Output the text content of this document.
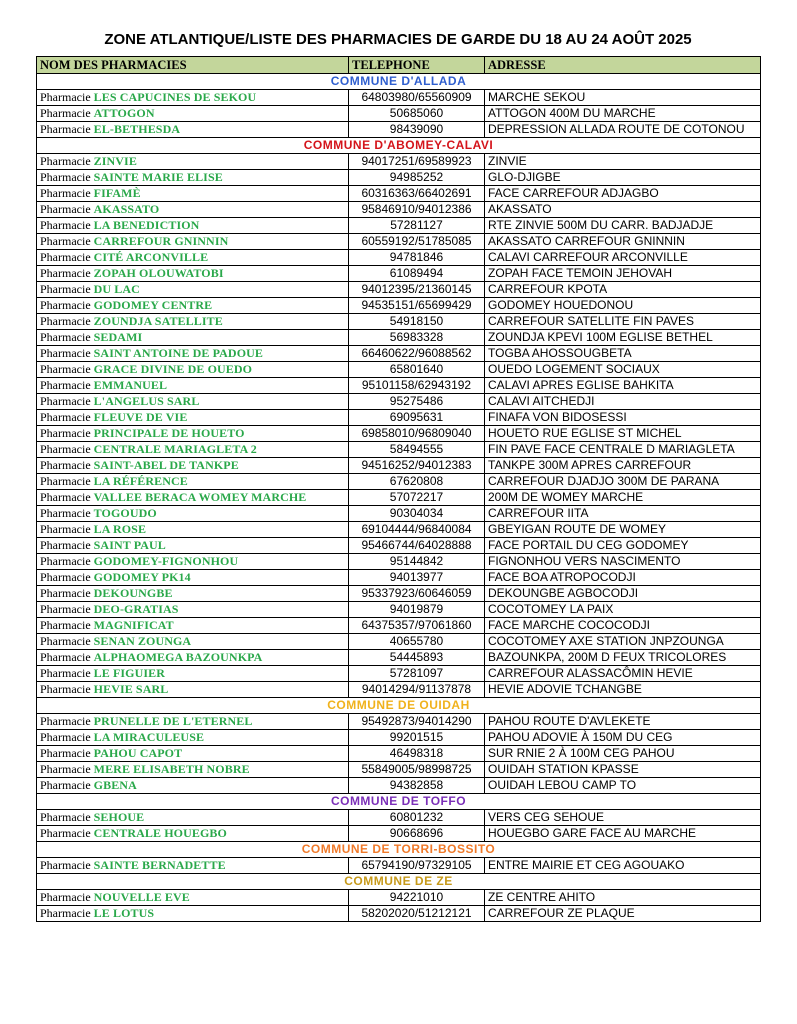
ZONE ATLANTIQUE/LISTE DES PHARMACIES DE GARDE DU 18 AU 24 AOÛT 2025
NOM DES PHARMACIES	TELEPHONE	ADRESSE
COMMUNE D'ALLADA		
Pharmacie LES CAPUCINES DE SEKOU	64803980/65560909	MARCHE SEKOU
Pharmacie ATTOGON	50685060	ATTOGON 400M DU MARCHE
Pharmacie EL-BETHESDA	98439090	DEPRESSION ALLADA ROUTE DE COTONOU
COMMUNE D'ABOMEY-CALAVI		
Pharmacie ZINVIE	94017251/69589923	ZINVIE
Pharmacie SAINTE MARIE ELISE	94985252	GLO-DJIGBE
Pharmacie FIFAMÈ	60316363/66402691	FACE CARREFOUR ADJAGBO
Pharmacie AKASSATO	95846910/94012386	AKASSATO
Pharmacie LA BENEDICTION	57281127	RTE ZINVIE 500M DU CARR. BADJADJE
Pharmacie CARREFOUR GNINNIN	60559192/51785085	AKASSATO CARREFOUR GNINNIN
Pharmacie CITÉ ARCONVILLE	94781846	CALAVI CARREFOUR ARCONVILLE
Pharmacie ZOPAH OLOUWATOBI	61089494	ZOPAH FACE TEMOIN JEHOVAH
Pharmacie DU LAC	94012395/21360145	CARREFOUR KPOTA
Pharmacie GODOMEY CENTRE	94535151/65699429	GODOMEY HOUEDONOU
Pharmacie ZOUNDJA SATELLITE	54918150	CARREFOUR SATELLITE FIN PAVES
Pharmacie SEDAMI	56983328	ZOUNDJA KPEVI 100M EGLISE BETHEL
Pharmacie SAINT ANTOINE DE PADOUE	66460622/96088562	TOGBA AHOSSOUGBETA
Pharmacie GRACE DIVINE DE OUEDO	65801640	OUEDO LOGEMENT SOCIAUX
Pharmacie EMMANUEL	95101158/62943192	CALAVI APRES EGLISE BAHKITA
Pharmacie L'ANGELUS SARL	95275486	CALAVI AITCHEDJI
Pharmacie FLEUVE DE VIE	69095631	FINAFA VON BIDOSESSI
Pharmacie PRINCIPALE DE HOUETO	69858010/96809040	HOUETO RUE EGLISE ST MICHEL
Pharmacie CENTRALE MARIAGLETA 2	58494555	FIN PAVE FACE CENTRALE D MARIAGLETA
Pharmacie SAINT-ABEL DE TANKPE	94516252/94012383	TANKPE 300M APRES CARREFOUR
Pharmacie LA RÉFÉRENCE	67620808	CARREFOUR DJADJO 300M DE PARANA
Pharmacie VALLEE BERACA WOMEY MARCHE	57072217	200M DE WOMEY MARCHE
Pharmacie TOGOUDO	90304034	CARREFOUR IITA
Pharmacie LA ROSE	69104444/96840084	GBEYIGAN ROUTE DE WOMEY
Pharmacie SAINT PAUL	95466744/64028888	FACE PORTAIL DU CEG GODOMEY
Pharmacie GODOMEY-FIGNONHOU	95144842	FIGNONHOU VERS NASCIMENTO
Pharmacie GODOMEY PK14	94013977	FACE BOA ATROPOCODJI
Pharmacie DEKOUNGBE	95337923/60646059	DEKOUNGBE AGBOCODJI
Pharmacie DEO-GRATIAS	94019879	COCOTOMEY LA PAIX
Pharmacie MAGNIFICAT	64375357/97061860	FACE MARCHE COCOCODJI
Pharmacie SENAN ZOUNGA	40655780	COCOTOMEY AXE STATION JNPZOUNGA
Pharmacie ALPHAOMEGA BAZOUNKPA	54445893	BAZOUNKPA, 200M D FEUX TRICOLORES
Pharmacie LE FIGUIER	57281097	CARREFOUR ALASSACÔMIN HEVIE
Pharmacie HEVIE SARL	94014294/91137878	HEVIE ADOVIE TCHANGBE
COMMUNE DE OUIDAH		
Pharmacie PRUNELLE DE L'ETERNEL	95492873/94014290	PAHOU ROUTE D'AVLEKETE
Pharmacie LA MIRACULEUSE	99201515	PAHOU ADOVIE À 150M DU CEG
Pharmacie PAHOU CAPOT	46498318	SUR RNIE 2 À 100M CEG PAHOU
Pharmacie MERE ELISABETH NOBRE	55849005/98998725	OUIDAH STATION KPASSE
Pharmacie GBENA	94382858	OUIDAH LEBOU CAMP TO
COMMUNE DE TOFFO		
Pharmacie SEHOUE	60801232	VERS CEG SEHOUE
Pharmacie CENTRALE HOUEGBO	90668696	HOUEGBO GARE FACE AU MARCHE
COMMUNE DE TORRI-BOSSITO		
Pharmacie SAINTE BERNADETTE	65794190/97329105	ENTRE MAIRIE ET CEG AGOUAKO
COMMUNE DE ZE		
Pharmacie NOUVELLE EVE	94221010	ZE CENTRE AHITO
Pharmacie LE LOTUS	58202020/51212121	CARREFOUR ZE PLAQUE
